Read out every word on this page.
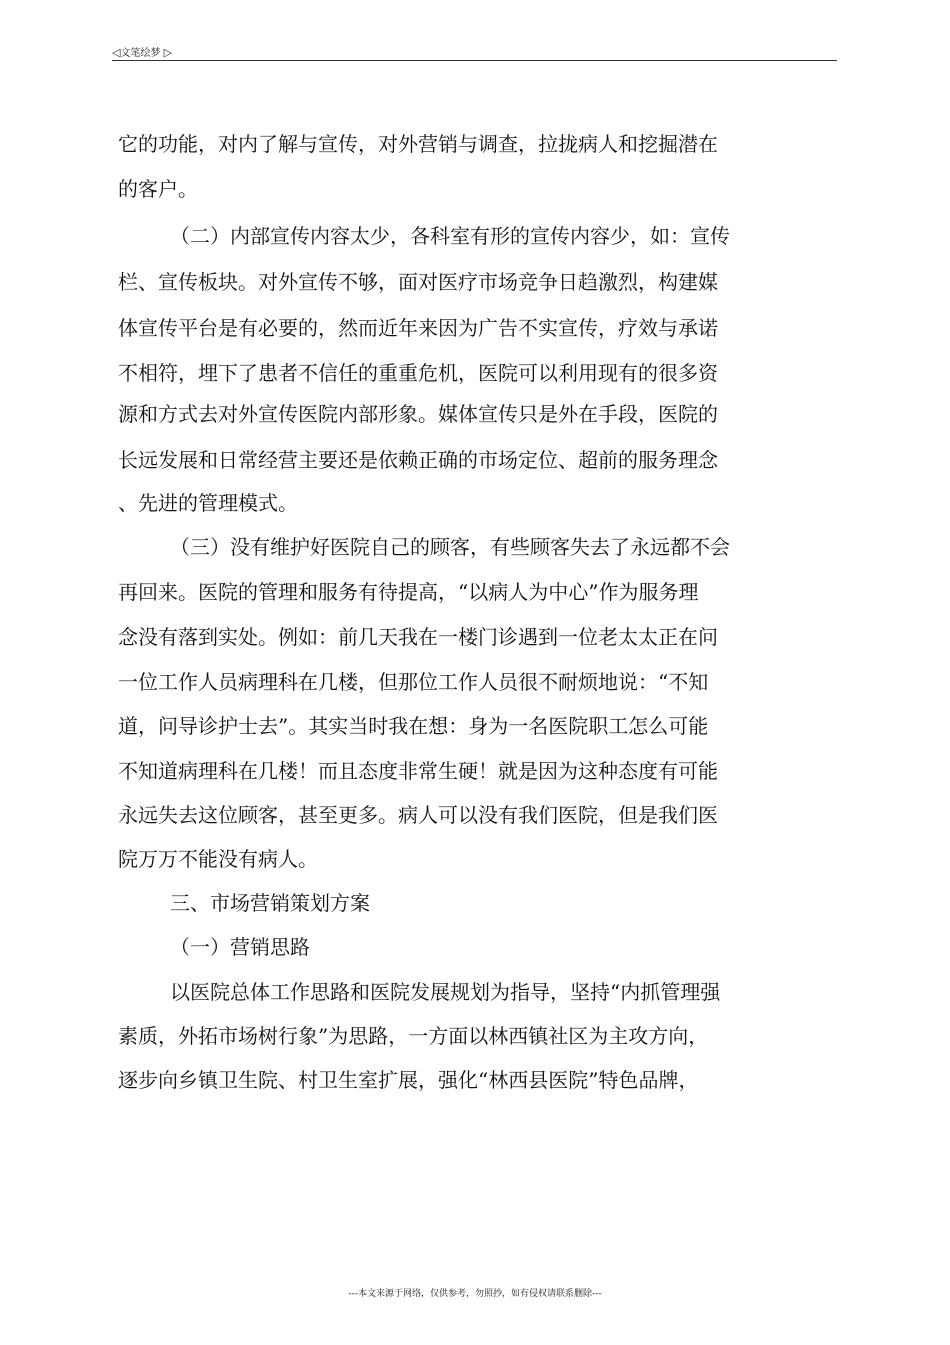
◁文笔绘梦 ▷
它的功能，对内了解与宣传，对外营销与调查，拉拢病人和挖掘潜在
的客户。
（二）内部宣传内容太少，各科室有形的宣传内容少，如：宣传
栏、宣传板块。对外宣传不够，面对医疗市场竞争日趋激烈，构建媒
体宣传平台是有必要的，然而近年来因为广告不实宣传，疗效与承诺
不相符，埋下了患者不信任的重重危机，医院可以利用现有的很多资
源和方式去对外宣传医院内部形象。媒体宣传只是外在手段，医院的
长远发展和日常经营主要还是依赖正确的市场定位、超前的服务理念
、先进的管理模式。
（三）没有维护好医院自己的顾客，有些顾客失去了永远都不会
再回来。医院的管理和服务有待提高，“以病人为中心”作为服务理
念没有落到实处。例如：前几天我在一楼门诊遇到一位老太太正在问
一位工作人员病理科在几楼，但那位工作人员很不耐烦地说：“不知
道，问导诊护士去”。其实当时我在想：身为一名医院职工怎么可能
不知道病理科在几楼！而且态度非常生硬！就是因为这种态度有可能
永远失去这位顾客，甚至更多。病人可以没有我们医院，但是我们医
院万万不能没有病人。
三、市场营销策划方案
（一）营销思路
以医院总体工作思路和医院发展规划为指导，坚持“内抓管理强
素质，外拓市场树行象”为思路，一方面以林西镇社区为主攻方向，
逐步向乡镇卫生院、村卫生室扩展，强化“林西县医院”特色品牌，
---本文来源于网络，仅供参考，勿照抄，如有侵权请联系删除---
